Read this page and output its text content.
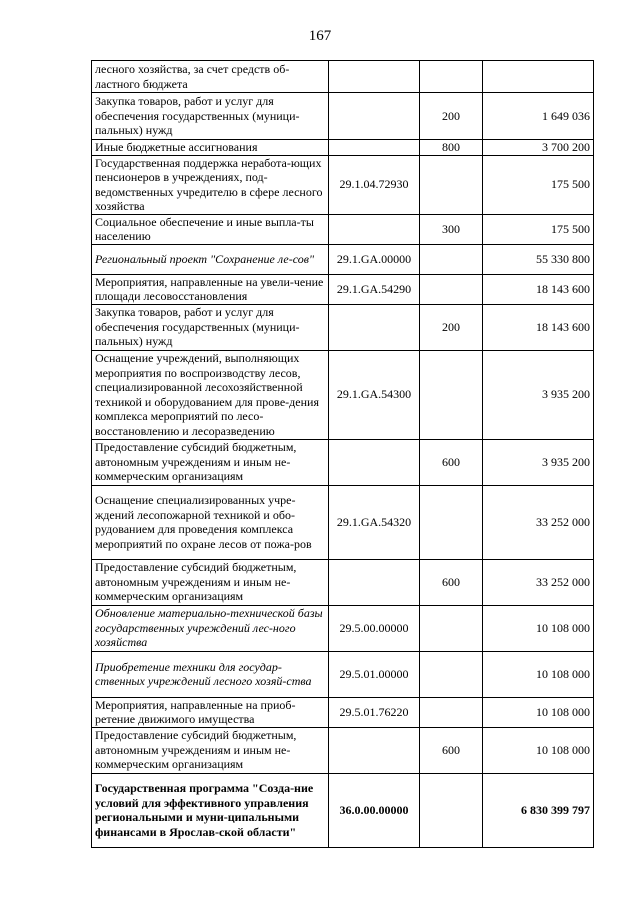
167
лесного хозяйства, за счет средств об-ластного бюджета			
Закупка товаров, работ и услуг для обеспечения государственных (муници-пальных) нужд		200	1 649 036
Иные бюджетные ассигнования		800	3 700 200
Государственная поддержка неработа-ющих пенсионеров в учреждениях, под-ведомственных учредителю в сфере лесного хозяйства	29.1.04.72930		175 500
Социальное обеспечение и иные выпла-ты населению		300	175 500
Региональный проект "Сохранение ле-сов"	29.1.GA.00000		55 330 800
Мероприятия, направленные на увели-чение площади лесовосстановления	29.1.GA.54290		18 143 600
Закупка товаров, работ и услуг для обеспечения государственных (муници-пальных) нужд		200	18 143 600
Оснащение учреждений, выполняющих мероприятия по воспроизводству лесов, специализированной лесохозяйственной техникой и оборудованием для прове-дения комплекса мероприятий по лесо-восстановлению и лесоразведению	29.1.GA.54300		3 935 200
Предоставление субсидий бюджетным, автономным учреждениям и иным не-коммерческим организациям		600	3 935 200
Оснащение специализированных учре-ждений лесопожарной техникой и обо-рудованием для проведения комплекса мероприятий по охране лесов от пожа-ров	29.1.GA.54320		33 252 000
Предоставление субсидий бюджетным, автономным учреждениям и иным не-коммерческим организациям		600	33 252 000
Обновление материально-технической базы государственных учреждений лес-ного хозяйства	29.5.00.00000		10 108 000
Приобретение техники для государ-ственных учреждений лесного хозяй-ства	29.5.01.00000		10 108 000
Мероприятия, направленные на приоб-ретение движимого имущества	29.5.01.76220		10 108 000
Предоставление субсидий бюджетным, автономным учреждениям и иным не-коммерческим организациям		600	10 108 000
Государственная программа "Созда-ние условий для эффективного управления региональными и муни-ципальными финансами в Ярослав-ской области"	36.0.00.00000		6 830 399 797
